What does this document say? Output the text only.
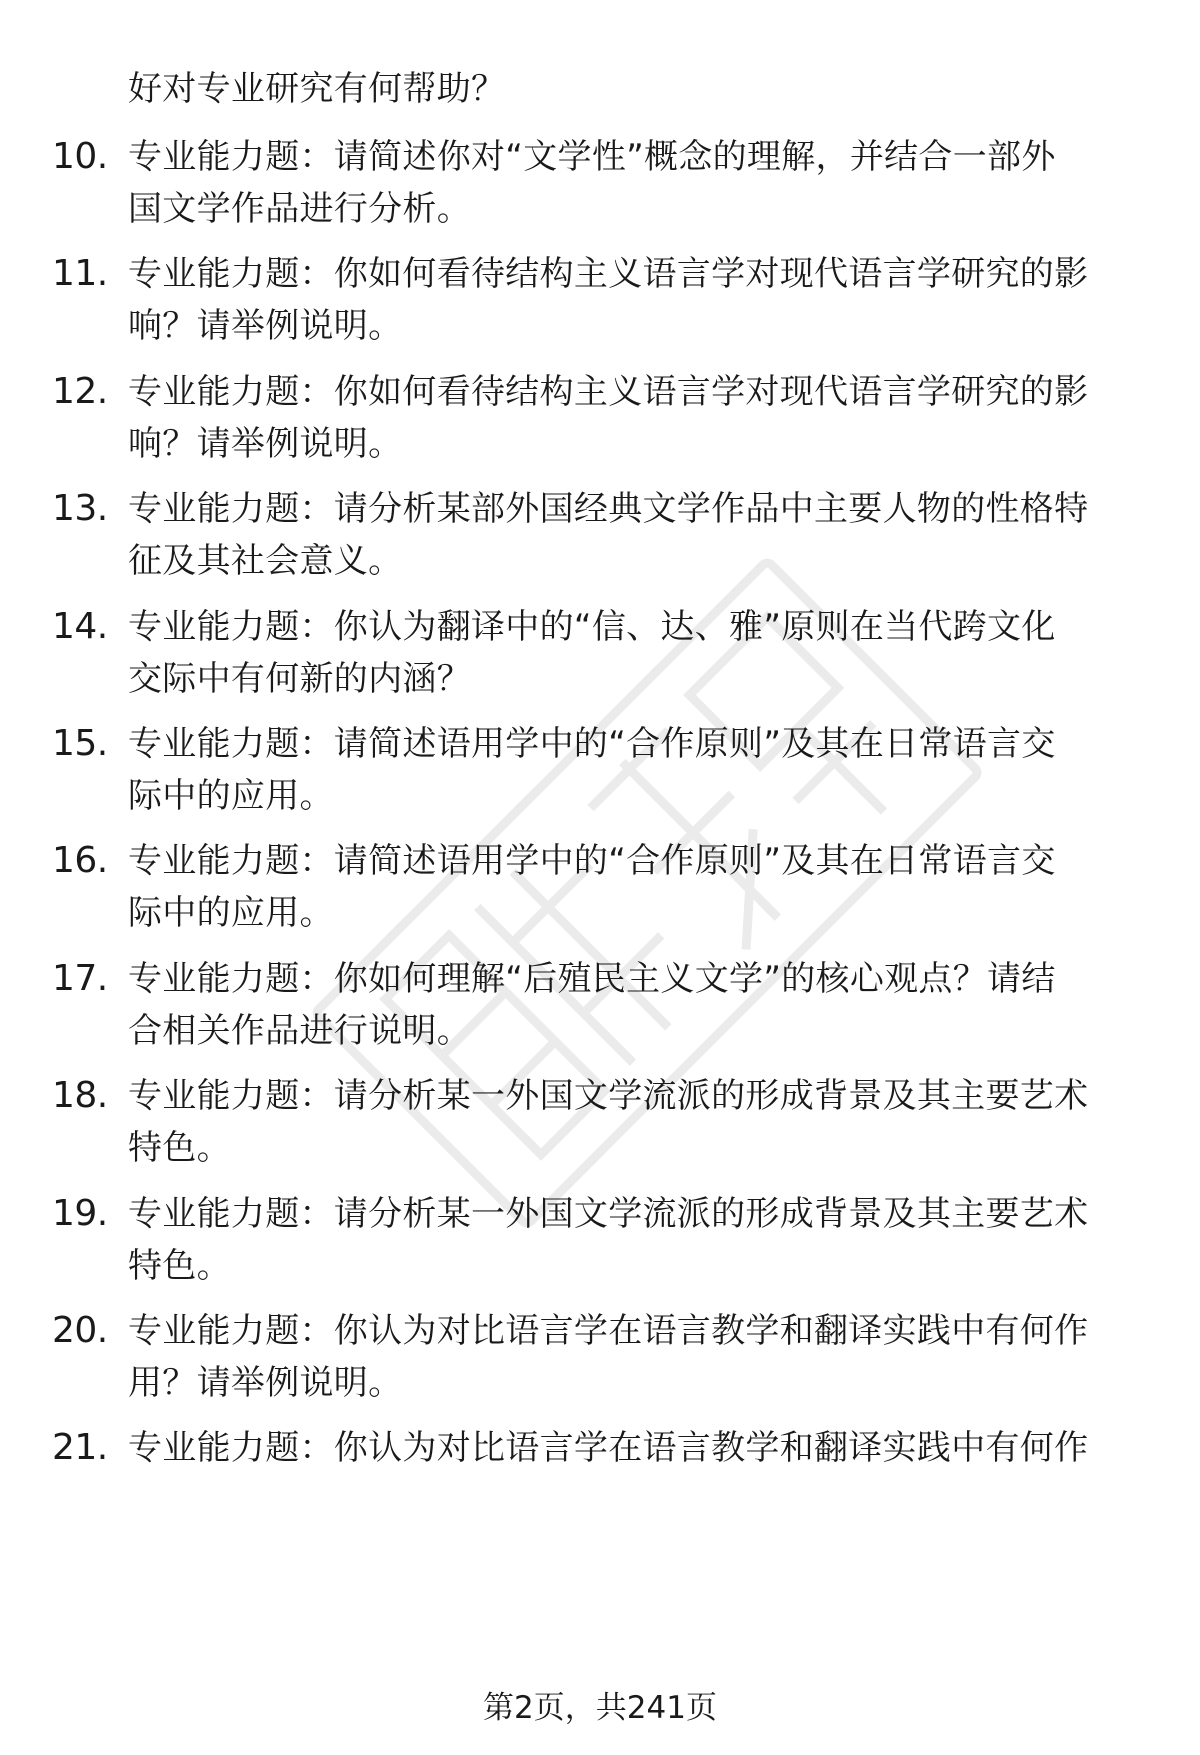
好对专业研究有何帮助？
10. 专业能力题：请简述你对“文学性”概念的理解，并结合一部外
国文学作品进行分析。
11. 专业能力题：你如何看待结构主义语言学对现代语言学研究的影
响？请举例说明。
12. 专业能力题：你如何看待结构主义语言学对现代语言学研究的影
响？请举例说明。
13. 专业能力题：请分析某部外国经典文学作品中主要人物的性格特
征及其社会意义。
14. 专业能力题：你认为翻译中的“信、达、雅”原则在当代跨文化
交际中有何新的内涵？
15. 专业能力题：请简述语用学中的“合作原则”及其在日常语言交
际中的应用。
16. 专业能力题：请简述语用学中的“合作原则”及其在日常语言交
际中的应用。
17. 专业能力题：你如何理解“后殖民主义文学”的核心观点？请结
合相关作品进行说明。
18. 专业能力题：请分析某一外国文学流派的形成背景及其主要艺术
特色。
19. 专业能力题：请分析某一外国文学流派的形成背景及其主要艺术
特色。
20. 专业能力题：你认为对比语言学在语言教学和翻译实践中有何作
用？请举例说明。
21. 专业能力题：你认为对比语言学在语言教学和翻译实践中有何作
第2页，共241页
